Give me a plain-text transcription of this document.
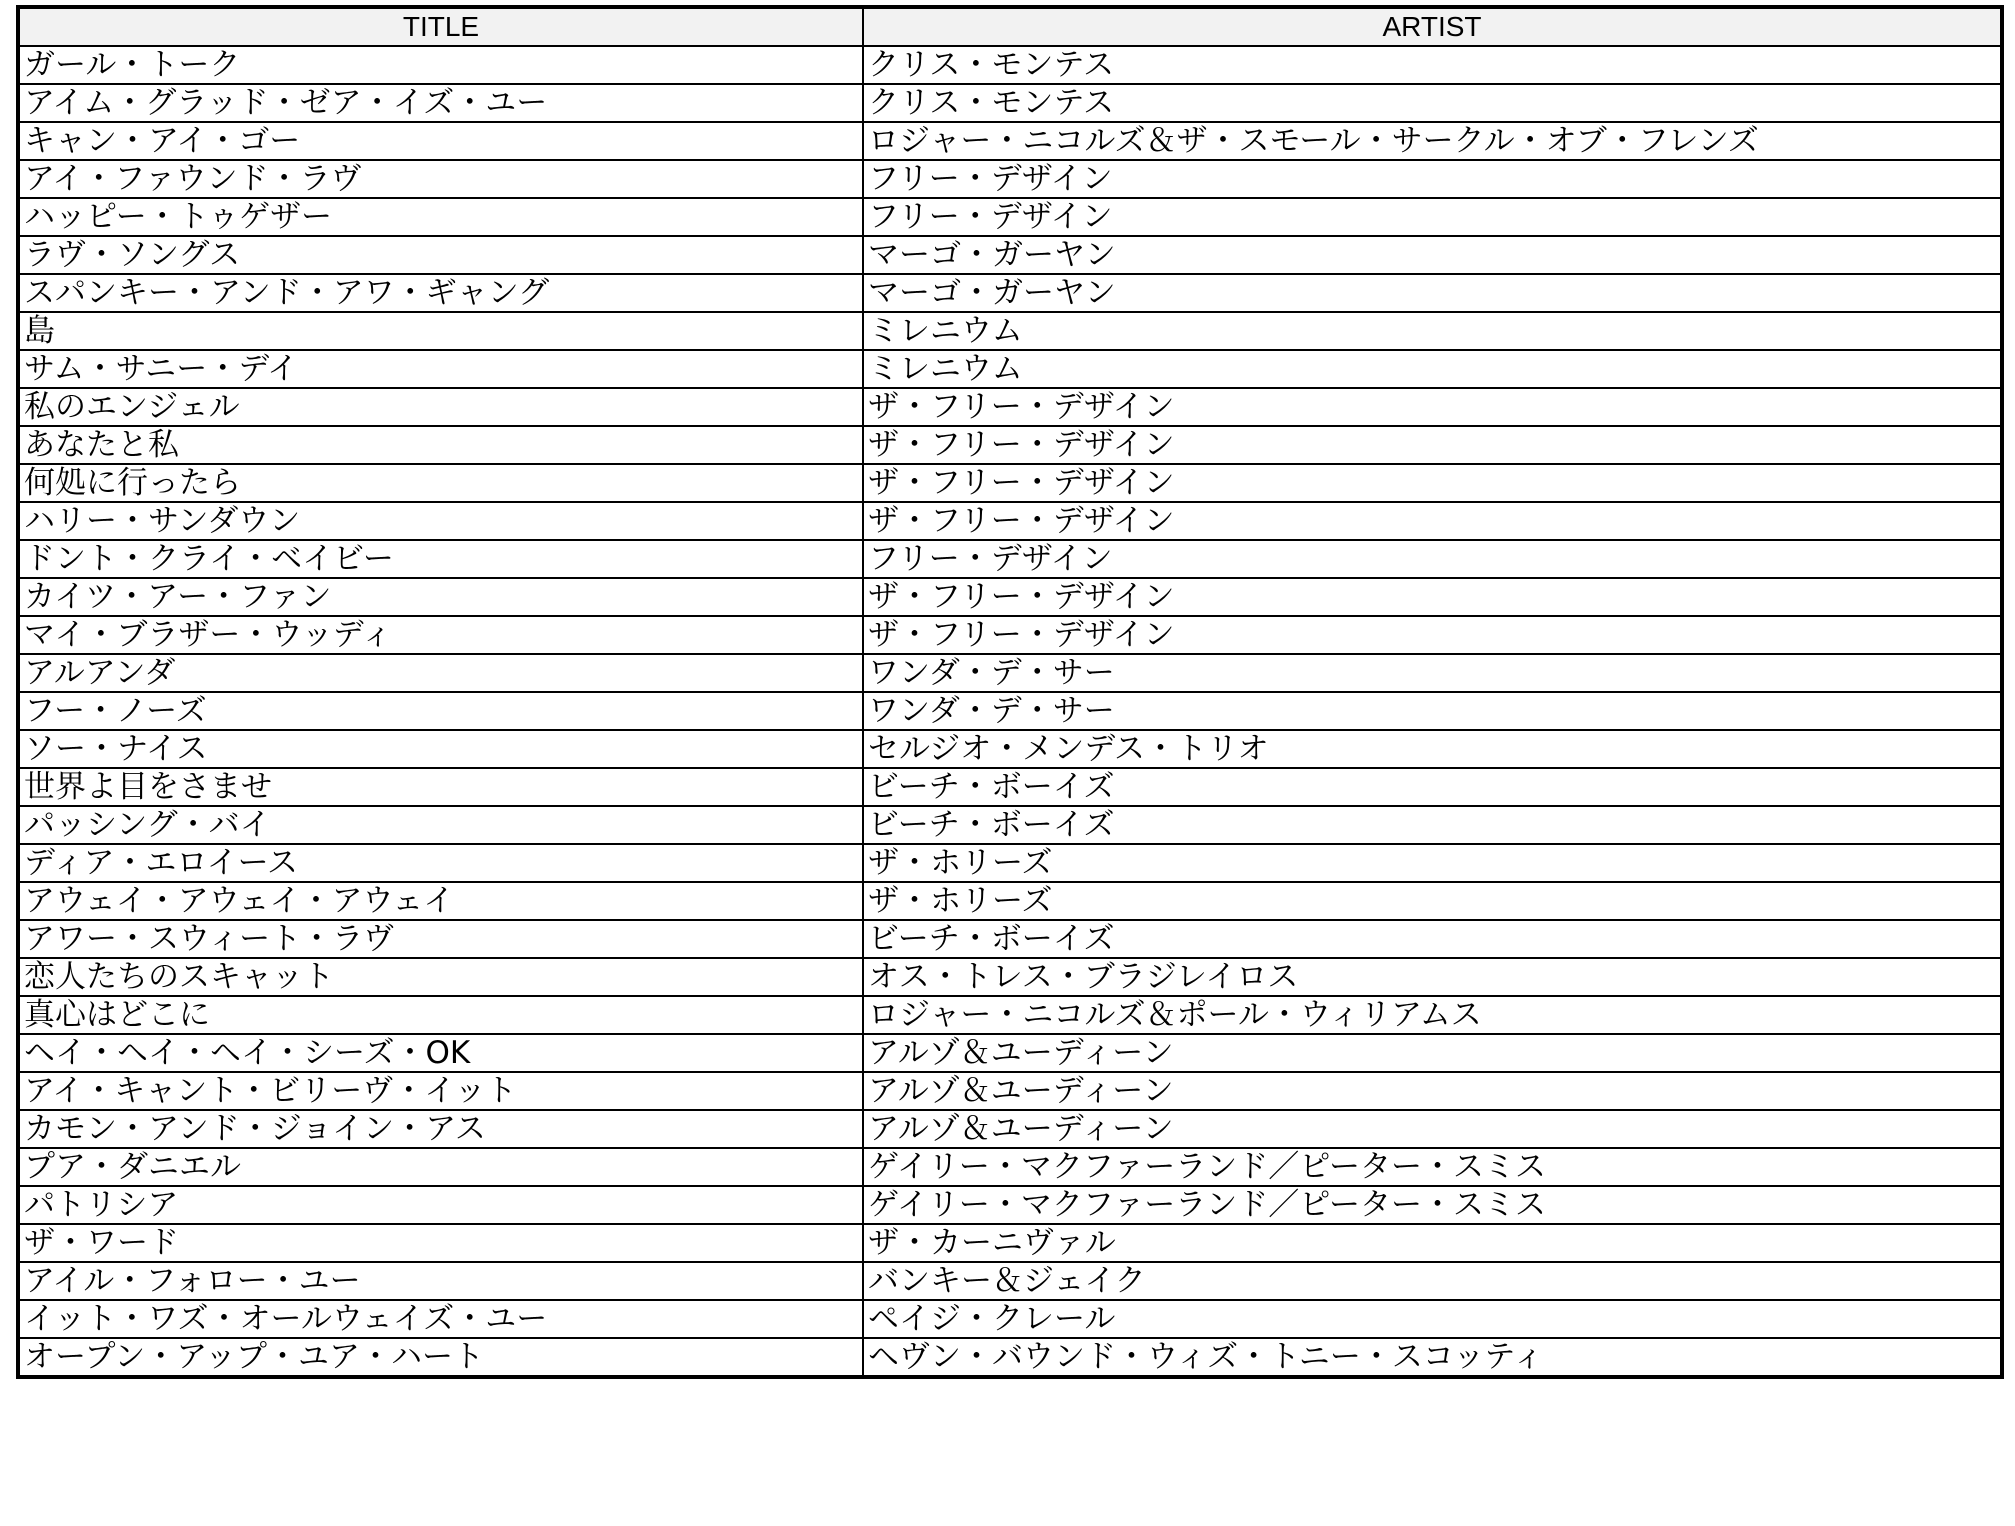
TITLE	ARTIST
ガール・トーク	クリス・モンテス
アイム・グラッド・ゼア・イズ・ユー	クリス・モンテス
キャン・アイ・ゴー	ロジャー・ニコルズ＆ザ・スモール・サークル・オブ・フレンズ
アイ・ファウンド・ラヴ	フリー・デザイン
ハッピー・トゥゲザー	フリー・デザイン
ラヴ・ソングス	マーゴ・ガーヤン
スパンキー・アンド・アワ・ギャング	マーゴ・ガーヤン
島	ミレニウム
サム・サニー・デイ	ミレニウム
私のエンジェル	ザ・フリー・デザイン
あなたと私	ザ・フリー・デザイン
何処に行ったら	ザ・フリー・デザイン
ハリー・サンダウン	ザ・フリー・デザイン
ドント・クライ・ベイビー	フリー・デザイン
カイツ・アー・ファン	ザ・フリー・デザイン
マイ・ブラザー・ウッディ	ザ・フリー・デザイン
アルアンダ	ワンダ・デ・サー
フー・ノーズ	ワンダ・デ・サー
ソー・ナイス	セルジオ・メンデス・トリオ
世界よ目をさませ	ビーチ・ボーイズ
パッシング・バイ	ビーチ・ボーイズ
ディア・エロイース	ザ・ホリーズ
アウェイ・アウェイ・アウェイ	ザ・ホリーズ
アワー・スウィート・ラヴ	ビーチ・ボーイズ
恋人たちのスキャット	オス・トレス・ブラジレイロス
真心はどこに	ロジャー・ニコルズ＆ポール・ウィリアムス
ヘイ・ヘイ・ヘイ・シーズ・OK	アルゾ＆ユーディーン
アイ・キャント・ビリーヴ・イット	アルゾ＆ユーディーン
カモン・アンド・ジョイン・アス	アルゾ＆ユーディーン
プア・ダニエル	ゲイリー・マクファーランド／ピーター・スミス
パトリシア	ゲイリー・マクファーランド／ピーター・スミス
ザ・ワード	ザ・カーニヴァル
アイル・フォロー・ユー	バンキー＆ジェイク
イット・ワズ・オールウェイズ・ユー	ペイジ・クレール
オープン・アップ・ユア・ハート	ヘヴン・バウンド・ウィズ・トニー・スコッティ
